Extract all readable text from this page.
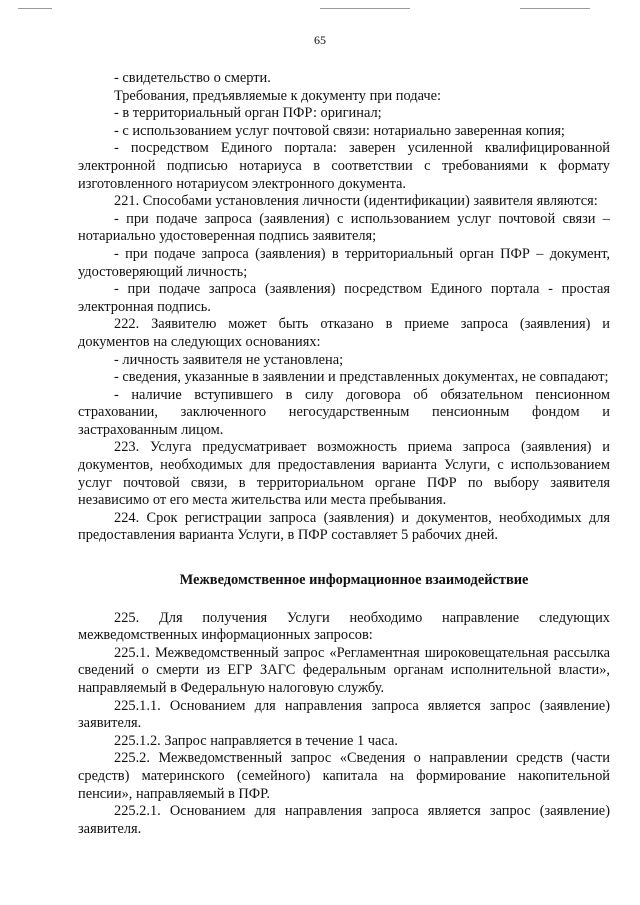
65

- свидетельство о смерти.

Требования, предъявляемые к документу при подаче:

- в территориальный орган ПФР: оригинал;

- с использованием услуг почтовой связи: нотариально заверенная копия;

- посредством Единого портала: заверен усиленной квалифицированной электронной подписью нотариуса в соответствии с требованиями к формату изготовленного нотариусом электронного документа.

221. Способами установления личности (идентификации) заявителя являются:

- при подаче запроса (заявления) с использованием услуг почтовой связи – нотариально удостоверенная подпись заявителя;

- при подаче запроса (заявления) в территориальный орган ПФР – документ, удостоверяющий личность;

- при подаче запроса (заявления) посредством Единого портала - простая электронная подпись.

222. Заявителю может быть отказано в приеме запроса (заявления) и документов на следующих основаниях:

- личность заявителя не установлена;

- сведения, указанные в заявлении и представленных документах, не совпадают;

- наличие вступившего в силу договора об обязательном пенсионном страховании, заключенного негосударственным пенсионным фондом и застрахованным лицом.

223. Услуга предусматривает возможность приема запроса (заявления) и документов, необходимых для предоставления варианта Услуги, с использованием услуг почтовой связи, в территориальном органе ПФР по выбору заявителя независимо от его места жительства или места пребывания.

224. Срок регистрации запроса (заявления) и документов, необходимых для предоставления варианта Услуги, в ПФР составляет 5 рабочих дней.

Межведомственное информационное взаимодействие

225. Для получения Услуги необходимо направление следующих межведомственных информационных запросов:

225.1. Межведомственный запрос «Регламентная широковещательная рассылка сведений о смерти из ЕГР ЗАГС федеральным органам исполнительной власти», направляемый в Федеральную налоговую службу.

225.1.1. Основанием для направления запроса является запрос (заявление) заявителя.

225.1.2. Запрос направляется в течение 1 часа.

225.2. Межведомственный запрос «Сведения о направлении средств (части средств) материнского (семейного) капитала на формирование накопительной пенсии», направляемый в ПФР.

225.2.1. Основанием для направления запроса является запрос (заявление) заявителя.
